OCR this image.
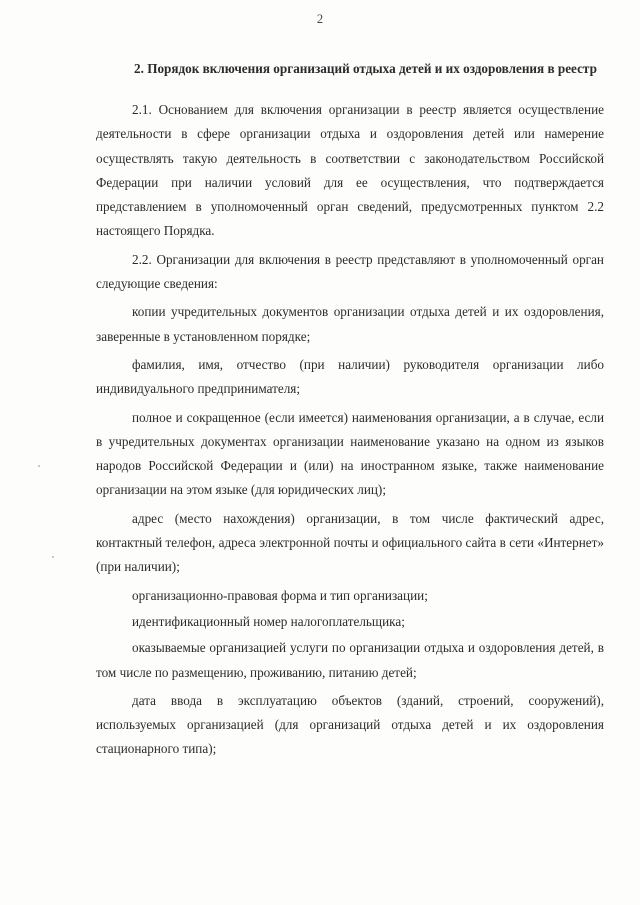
2

2. Порядок включения организаций отдыха детей и их оздоровления в реестр

2.1. Основанием для включения организации в реестр является осуществление деятельности в сфере организации отдыха и оздоровления детей или намерение осуществлять такую деятельность в соответствии с законодательством Российской Федерации при наличии условий для ее осуществления, что подтверждается представлением в уполномоченный орган сведений, предусмотренных пунктом 2.2 настоящего Порядка.

2.2. Организации для включения в реестр представляют в уполномоченный орган следующие сведения:

копии учредительных документов организации отдыха детей и их оздоровления, заверенные в установленном порядке;

фамилия, имя, отчество (при наличии) руководителя организации либо индивидуального предпринимателя;

полное и сокращенное (если имеется) наименования организации, а в случае, если в учредительных документах организации наименование указано на одном из языков народов Российской Федерации и (или) на иностранном языке, также наименование организации на этом языке (для юридических лиц);

адрес (место нахождения) организации, в том числе фактический адрес, контактный телефон, адреса электронной почты и официального сайта в сети «Интернет» (при наличии);

организационно-правовая форма и тип организации;

идентификационный номер налогоплательщика;

оказываемые организацией услуги по организации отдыха и оздоровления детей, в том числе по размещению, проживанию, питанию детей;

дата ввода в эксплуатацию объектов (зданий, строений, сооружений), используемых организацией (для организаций отдыха детей и их оздоровления стационарного типа);
